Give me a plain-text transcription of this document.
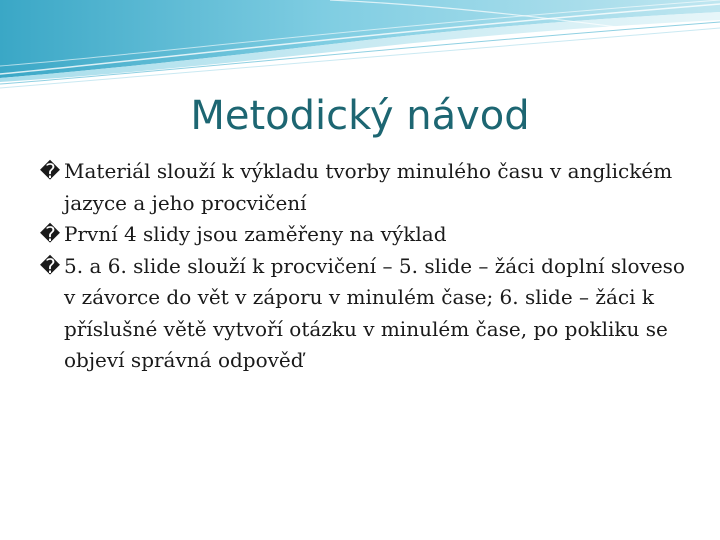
Metodický návod
� Materiál slouží k výkladu tvorby minulého času v anglickém jazyce a jeho procvičení
� První 4 slidy jsou zaměřeny na výklad
� 5. a 6. slide slouží k procvičení – 5. slide – žáci doplní sloveso v závorce do vět v záporu v minulém čase; 6. slide – žáci k příslušné větě vytvoří otázku v minulém čase, po pokliku se objeví správná odpověď
